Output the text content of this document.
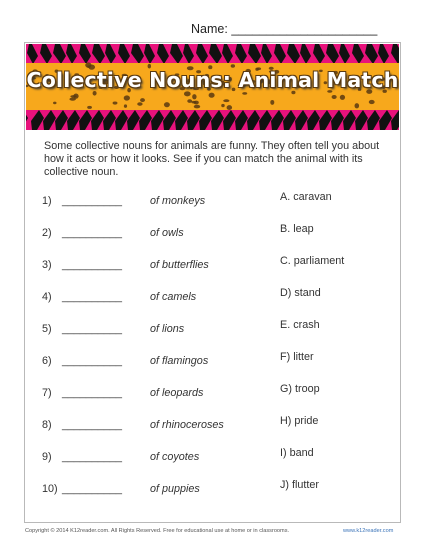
Name: _____________________
Collective Nouns: Animal Match
Some collective nouns for animals are funny. They often tell you about how it acts or how it looks. See if you can match the animal with its collective noun.
1) __________	of monkeys	A. caravan
2) __________	of owls	B. leap
3) __________	of butterflies	C. parliament
4) __________	of camels	D) stand
5) __________	of lions	E. crash
6) __________	of flamingos	F) litter
7) __________	of leopards	G) troop
8) __________	of rhinoceroses	H) pride
9) __________	of coyotes	I) band
10) __________	of puppies	J) flutter
Copyright © 2014 K12reader.com. All Rights Reserved. Free for educational use at home or in classrooms.	www.k12reader.com
